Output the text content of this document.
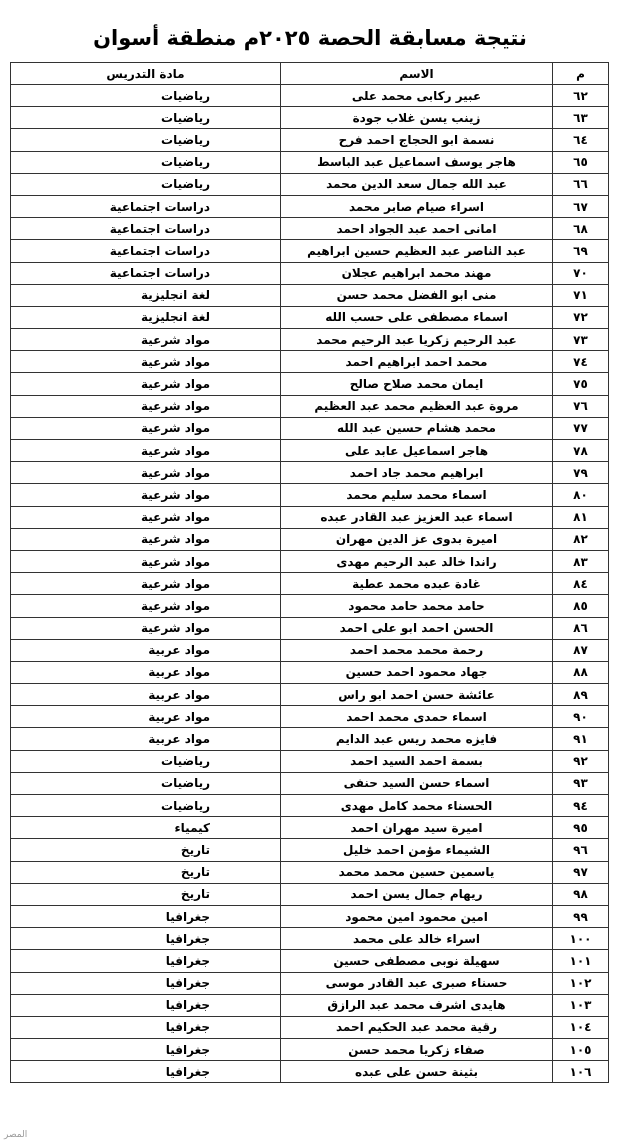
نتيجة مسابقة الحصة ٢٠٢٥م منطقة أسوان
م	الاسم	مادة التدريس
٦٢	عبير ركابى محمد على	رياضيات
٦٣	زينب يسن غلاب جودة	رياضيات
٦٤	نسمة ابو الحجاج احمد فرح	رياضيات
٦٥	هاجر يوسف اسماعيل عبد الباسط	رياضيات
٦٦	عبد الله جمال سعد الدين محمد	رياضيات
٦٧	اسراء صيام صابر محمد	دراسات اجتماعية
٦٨	امانى احمد عبد الجواد احمد	دراسات اجتماعية
٦٩	عبد الناصر عبد العظيم حسين ابراهيم	دراسات اجتماعية
٧٠	مهند محمد ابراهيم عجلان	دراسات اجتماعية
٧١	منى ابو الفضل محمد حسن	لغة انجليزية
٧٢	اسماء مصطفى على حسب الله	لغة انجليزية
٧٣	عبد الرحيم زكريا عبد الرحيم محمد	مواد شرعية
٧٤	محمد احمد ابراهيم احمد	مواد شرعية
٧٥	ايمان محمد صلاح صالح	مواد شرعية
٧٦	مروة عبد العظيم محمد عبد العظيم	مواد شرعية
٧٧	محمد هشام حسين عبد الله	مواد شرعية
٧٨	هاجر اسماعيل عابد على	مواد شرعية
٧٩	ابراهيم محمد جاد احمد	مواد شرعية
٨٠	اسماء محمد سليم محمد	مواد شرعية
٨١	اسماء عبد العزيز عبد القادر عبده	مواد شرعية
٨٢	اميرة بدوى عز الدين مهران	مواد شرعية
٨٣	راندا خالد عبد الرحيم مهدى	مواد شرعية
٨٤	غادة عبده محمد عطية	مواد شرعية
٨٥	حامد محمد حامد محمود	مواد شرعية
٨٦	الحسن احمد ابو على احمد	مواد شرعية
٨٧	رحمة محمد محمد احمد	مواد عربية
٨٨	جهاد محمود احمد حسين	مواد عربية
٨٩	عائشة حسن احمد ابو راس	مواد عربية
٩٠	اسماء حمدى محمد احمد	مواد عربية
٩١	فايزه محمد ريس عبد الدايم	مواد عربية
٩٢	بسمة احمد السيد احمد	رياضيات
٩٣	اسماء حسن السيد حنفى	رياضيات
٩٤	الحسناء محمد كامل مهدى	رياضيات
٩٥	اميرة سيد مهران احمد	كيمياء
٩٦	الشيماء مؤمن احمد خليل	تاريخ
٩٧	ياسمين حسين محمد محمد	تاريخ
٩٨	ريهام جمال يسن احمد	تاريخ
٩٩	امين محمود امين محمود	جغرافيا
١٠٠	اسراء خالد على محمد	جغرافيا
١٠١	سهيلة نوبى مصطفى حسين	جغرافيا
١٠٢	حسناء صبرى عبد القادر موسى	جغرافيا
١٠٣	هايدى اشرف محمد عبد الرازق	جغرافيا
١٠٤	رقية محمد عبد الحكيم احمد	جغرافيا
١٠٥	صفاء زكريا محمد حسن	جغرافيا
١٠٦	بثينة حسن على عبده	جغرافيا
المصر
